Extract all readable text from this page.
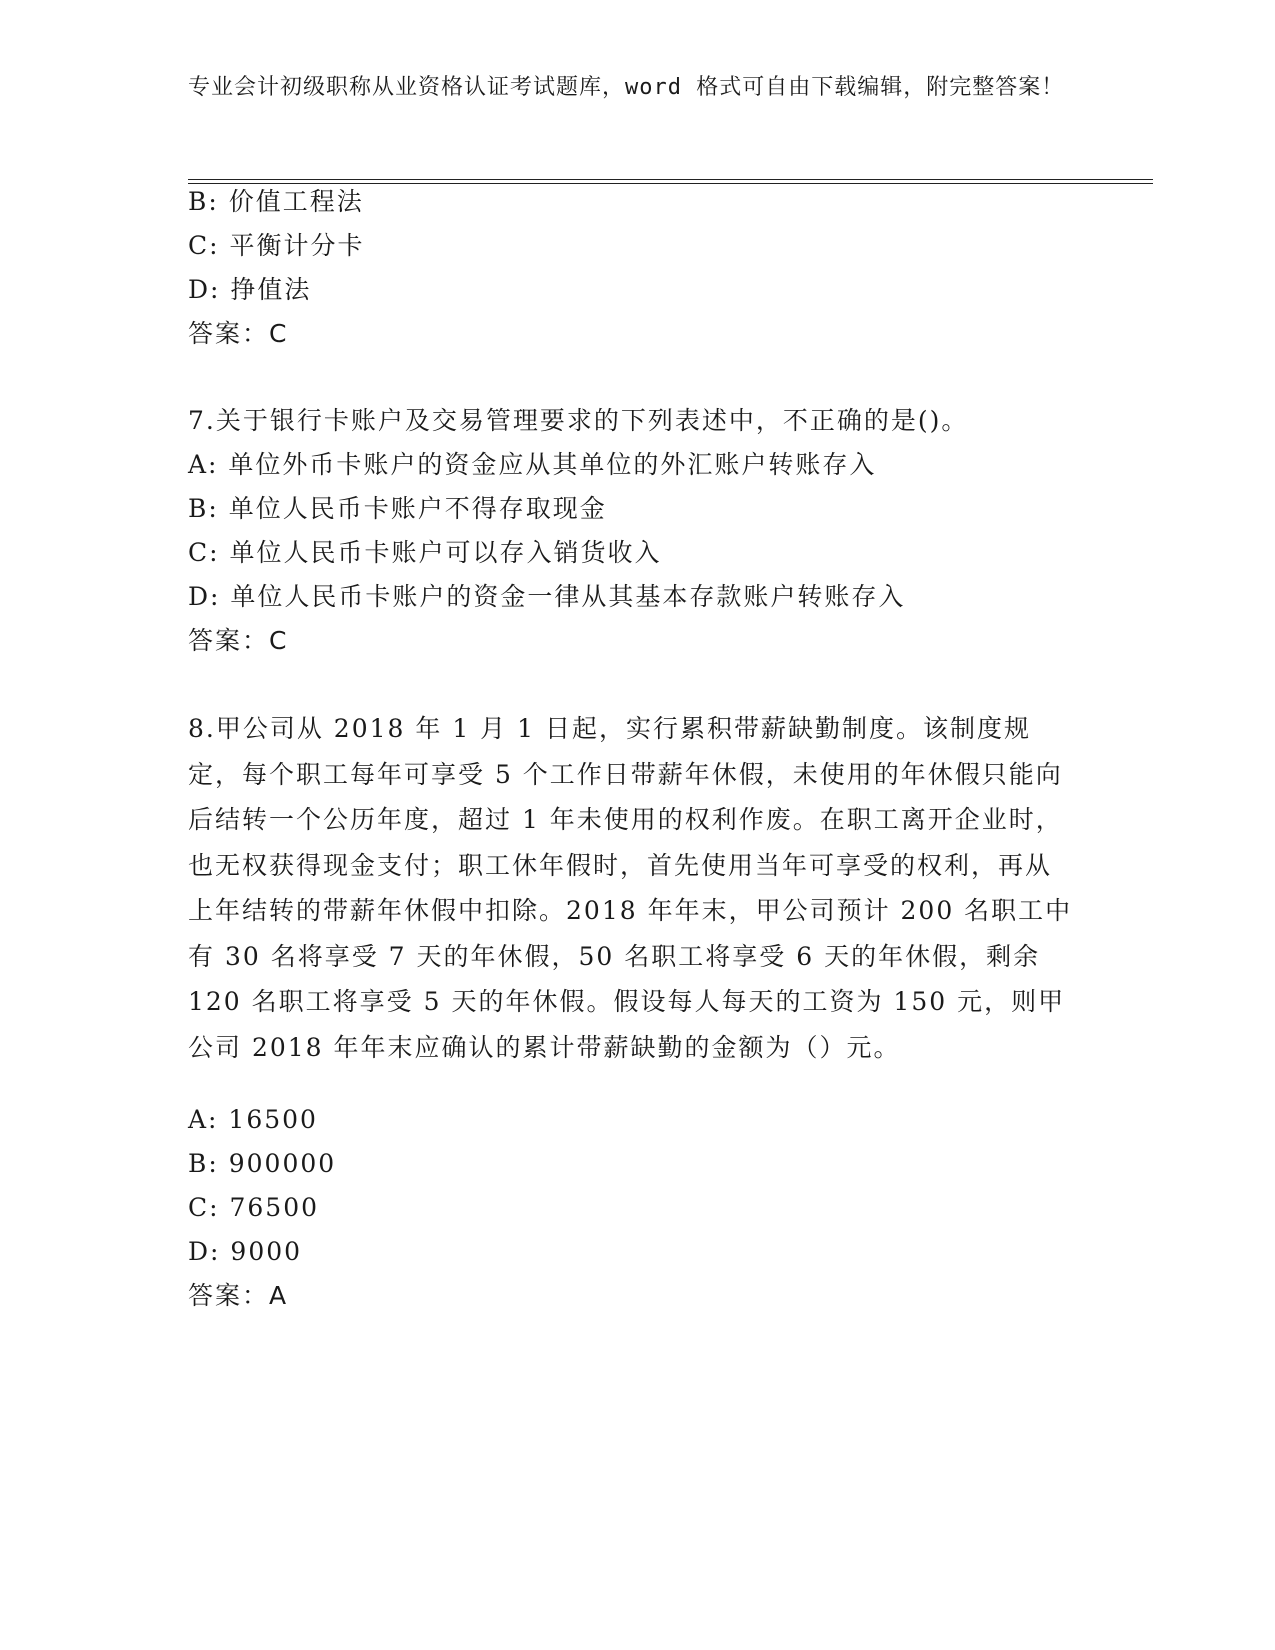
专业会计初级职称从业资格认证考试题库，word 格式可自由下载编辑，附完整答案！
B: 价值工程法
C: 平衡计分卡
D: 挣值法
答案：C
7.关于银行卡账户及交易管理要求的下列表述中，不正确的是()。
A: 单位外币卡账户的资金应从其单位的外汇账户转账存入
B: 单位人民币卡账户不得存取现金
C: 单位人民币卡账户可以存入销货收入
D: 单位人民币卡账户的资金一律从其基本存款账户转账存入
答案：C
8.甲公司从 2018 年 1 月 1 日起，实行累积带薪缺勤制度。该制度规定，每个职工每年可享受 5 个工作日带薪年休假，未使用的年休假只能向后结转一个公历年度，超过 1 年未使用的权利作废。在职工离开企业时，也无权获得现金支付；职工休年假时，首先使用当年可享受的权利，再从上年结转的带薪年休假中扣除。2018 年年末，甲公司预计 200 名职工中有 30 名将享受 7 天的年休假，50 名职工将享受 6 天的年休假，剩余 120 名职工将享受 5 天的年休假。假设每人每天的工资为 150 元，则甲公司 2018 年年末应确认的累计带薪缺勤的金额为（）元。
A: 16500
B: 900000
C: 76500
D: 9000
答案：A
